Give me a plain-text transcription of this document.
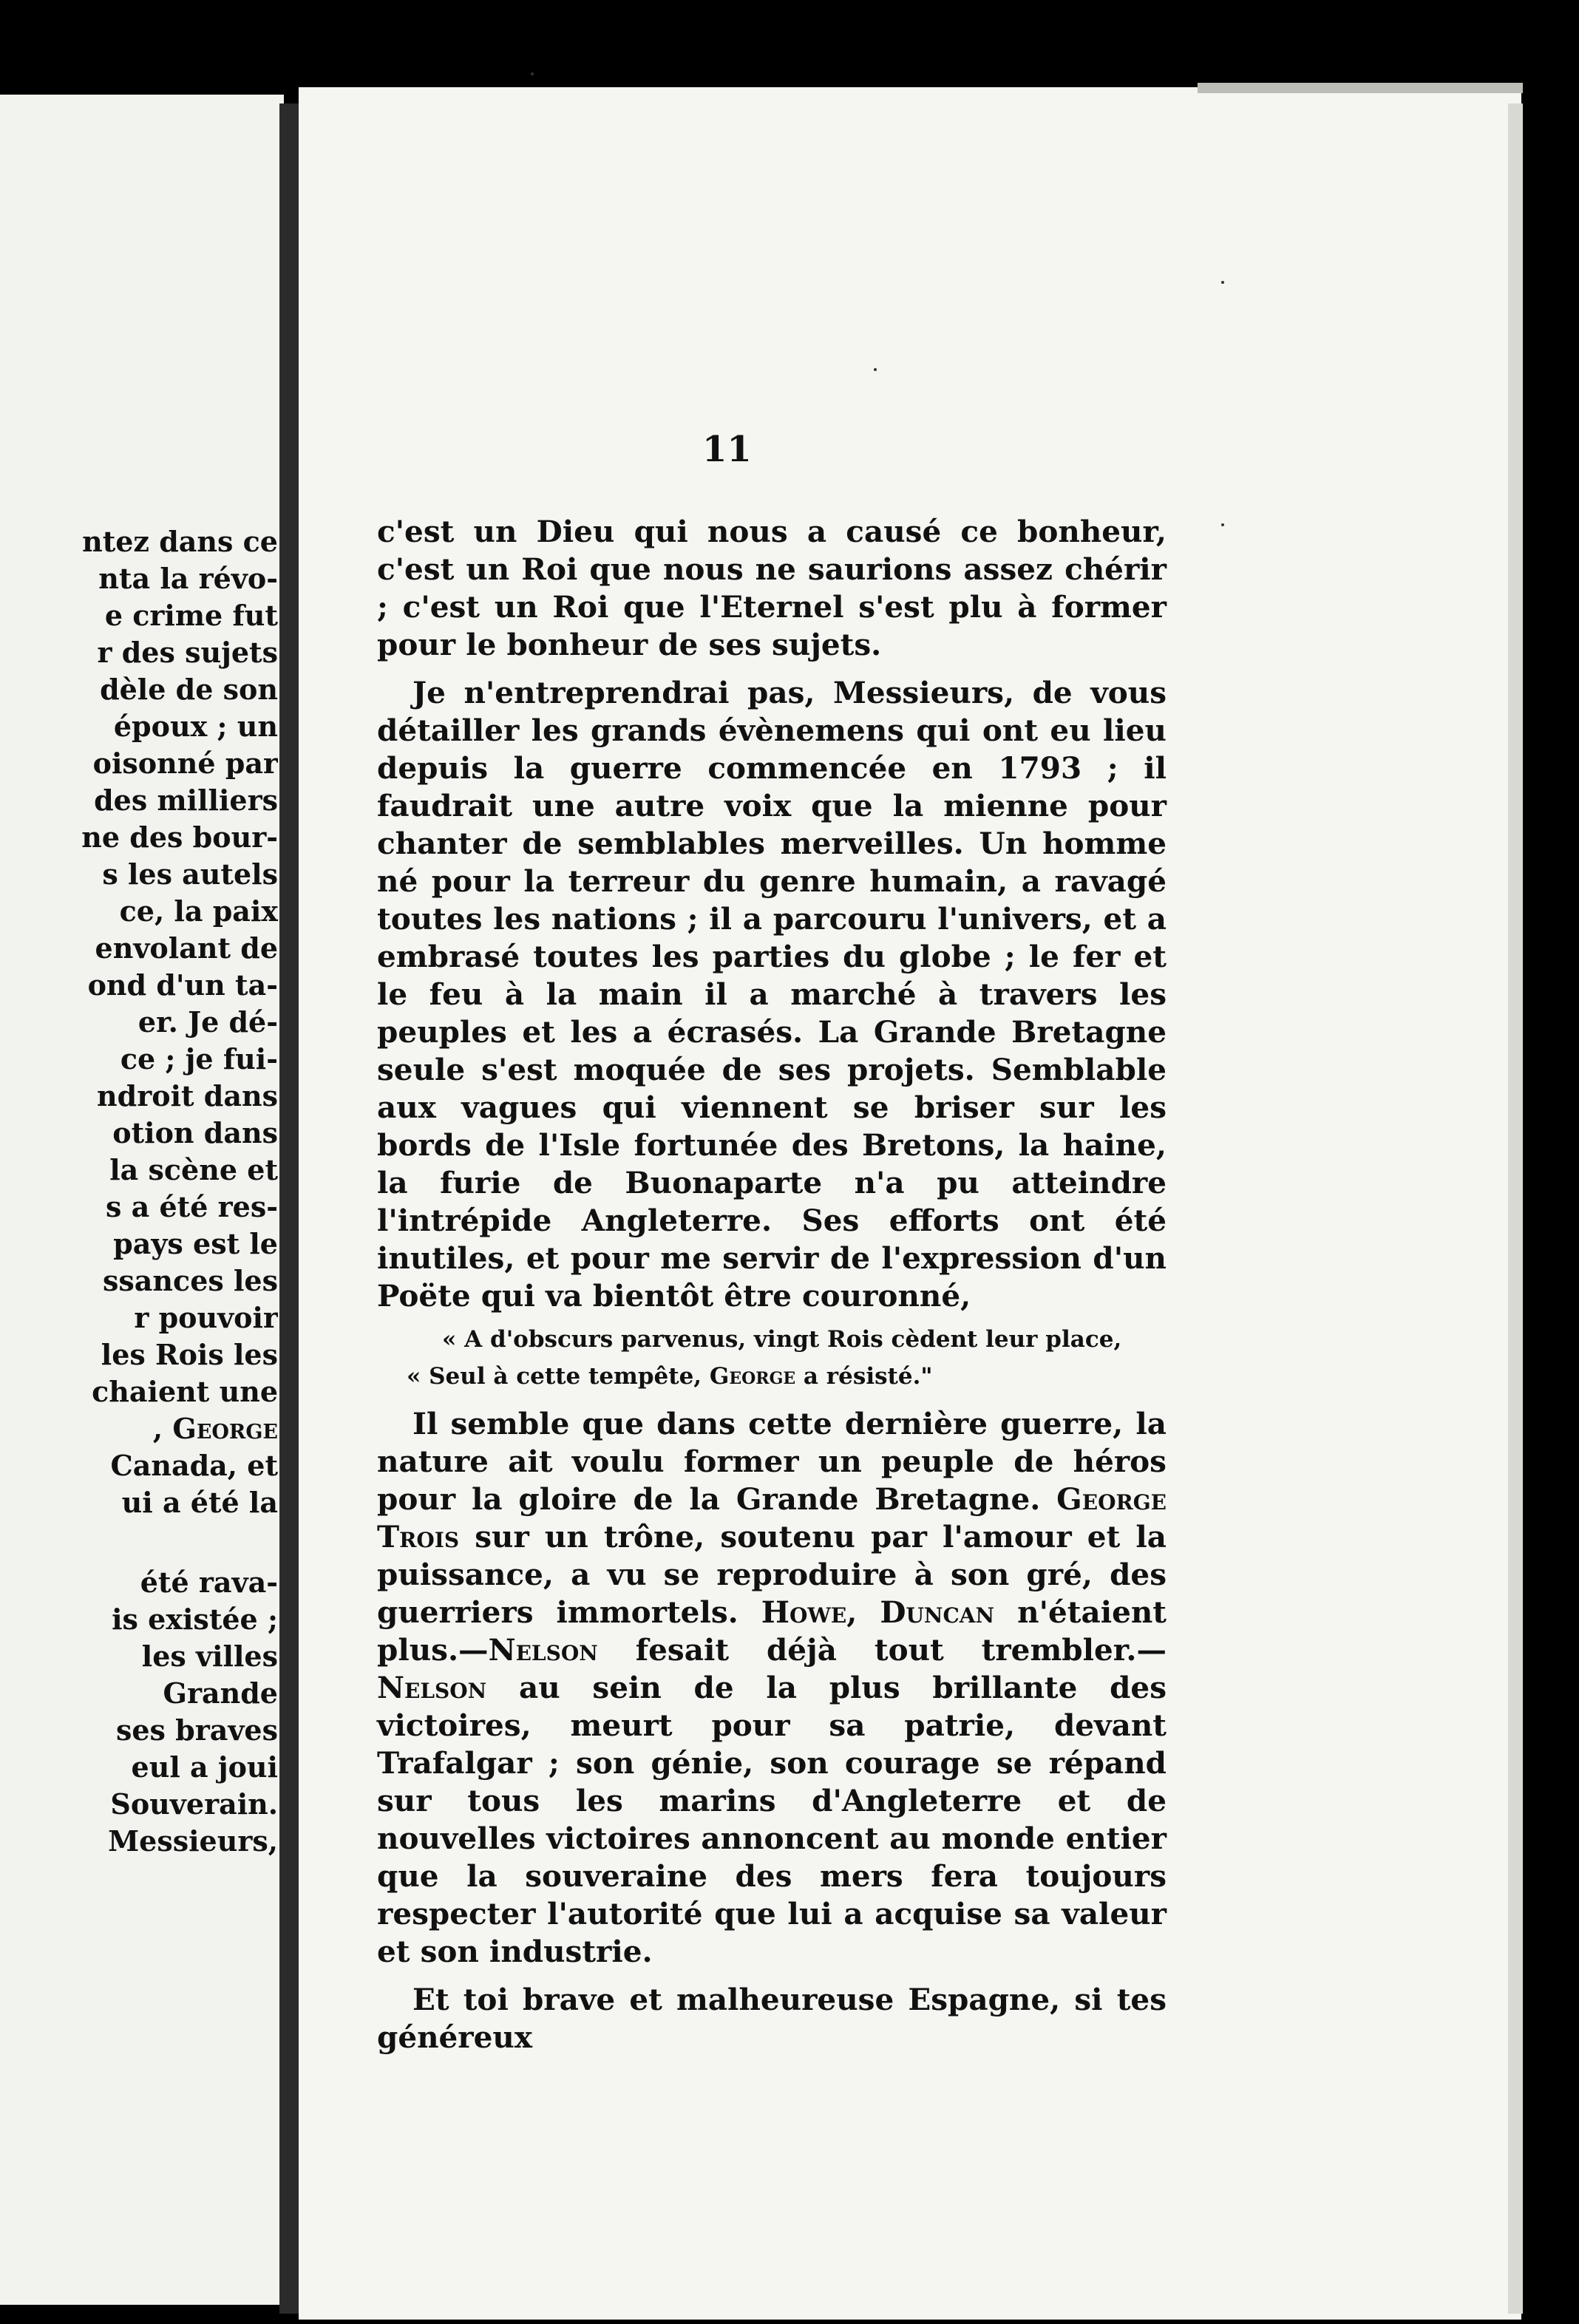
ntez dans ce
nta la révo-
e crime fut
r des sujets
dèle de son
époux ; un
oisonné par
des milliers
ne des bour-
s les autels
ce, la paix
envolant de
ond d'un ta-
er. Je dé-
ce ; je fui-
ndroit dans
otion dans
la scène et
s a été res-
pays est le
ssances les
r pouvoir
les Rois les
chaient une
, George
Canada, et
ui a été la
été rava-
is existée ;
les villes
Grande
ses braves
eul a joui
Souverain.
Messieurs,
11

c'est un Dieu qui nous a causé ce bonheur, c'est un Roi que nous ne saurions assez chérir ; c'est un Roi que l'Eternel s'est plu à former pour le bonheur de ses sujets.

Je n'entreprendrai pas, Messieurs, de vous détailler les grands évènemens qui ont eu lieu depuis la guerre commencée en 1793 ; il faudrait une autre voix que la mienne pour chanter de semblables merveilles. Un homme né pour la terreur du genre humain, a ravagé toutes les nations ; il a parcouru l'univers, et a embrasé toutes les parties du globe ; le fer et le feu à la main il a marché à travers les peuples et les a écrasés. La Grande Bretagne seule s'est moquée de ses projets. Semblable aux vagues qui viennent se briser sur les bords de l'Isle fortunée des Bretons, la haine, la furie de Buonaparte n'a pu atteindre l'intrépide Angleterre. Ses efforts ont été inutiles, et pour me servir de l'expression d'un Poëte qui va bientôt être couronné,
« A d'obscurs parvenus, vingt Rois cèdent leur place,
« Seul à cette tempête, George a résisté."

Il semble que dans cette dernière guerre, la nature ait voulu former un peuple de héros pour la gloire de la Grande Bretagne. George Trois sur un trône, soutenu par l'amour et la puissance, a vu se reproduire à son gré, des guerriers immortels. Howe, Duncan n'étaient plus.—Nelson fesait déjà tout trembler.—Nelson au sein de la plus brillante des victoires, meurt pour sa patrie, devant Trafalgar ; son génie, son courage se répand sur tous les marins d'Angleterre et de nouvelles victoires annoncent au monde entier que la souveraine des mers fera toujours respecter l'autorité que lui a acquise sa valeur et son industrie.

Et toi brave et malheureuse Espagne, si tes généreux
